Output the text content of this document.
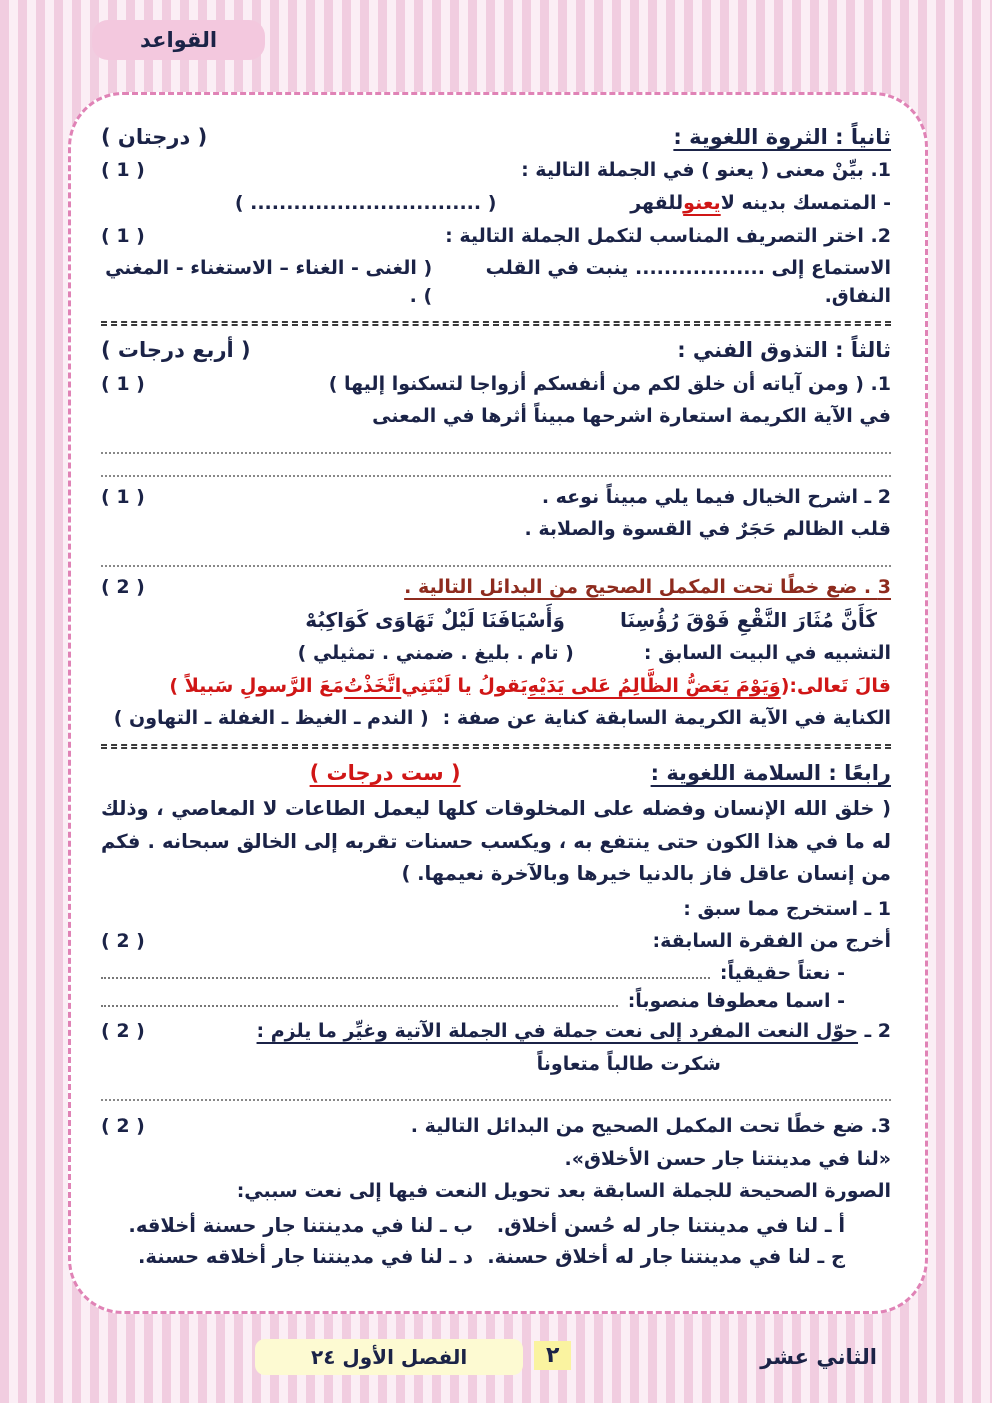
القواعد
ثانياً : الثروة اللغوية :
( درجتان )
1. بيِّنْ معنى ( يعنو ) في الجملة التالية :
( 1 )
- المتمسك بدينه لا
يعنو
للقهر
( ................................ )
2. اختر التصريف المناسب لتكمل الجملة التالية :
( 1 )
الاستماع إلى .................. ينبت في القلب النفاق.
( الغنى - الغناء – الاستغناء - المغني ) .
ثالثاً : التذوق الفني :
( أربع درجات )
1. ( ومن آياته أن خلق لكم من أنفسكم أزواجا لتسكنوا إليها )
( 1 )
في الآية الكريمة استعارة اشرحها مبيناً أثرها في المعنى
2 ـ اشرح الخيال فيما يلي مبيناً نوعه .
( 1 )
قلب الظالم حَجَرٌ في القسوة والصلابة .
3 . ضع خطًا تحت المكمل الصحيح من البدائل التالية .
( 2 )
كَأَنَّ مُثَارَ النَّقْعِ فَوْقَ رُؤُسِنَا
وَأَسْيَافَنَا لَيْلٌ تَهَاوَى كَوَاكِبُهْ
التشبيه في البيت السابق :
( تام . بليغ . ضمني . تمثيلي )
قالَ تَعالى:(
وَيَوْمَ يَعَضُّ الظَّالِمُ عَلى يَدَيْهِ
يَقولُ يا لَيْتَنِي
اتَّخَذْتُ
مَعَ الرَّسولِ سَبيلاً )
الكناية في الآية الكريمة السابقة كناية عن صفة :
( الندم ـ الغيظ ـ الغفلة ـ التهاون )
رابعًا : السلامة اللغوية :
( ست درجات )
( خلق الله الإنسان وفضله على المخلوقات كلها ليعمل الطاعات لا المعاصي ، وذلك له ما في هذا الكون حتى ينتفع به ، ويكسب حسنات تقربه إلى الخالق سبحانه . فكم من إنسان عاقل فاز بالدنيا خيرها وبالآخرة نعيمها. )
1 ـ استخرج مما سبق :
أخرج من الفقرة السابقة:
( 2 )
- نعتاً حقيقياً:
- اسما معطوفا منصوباً:
2 ـ حوّل النعت المفرد إلى نعت جملة في الجملة الآتية وغيِّر ما يلزم :
( 2 )
شكرت طالباً متعاوناً
3. ضع خطًا تحت المكمل الصحيح من البدائل التالية .
( 2 )
«لنا في مدينتنا جار حسن الأخلاق».
الصورة الصحيحة للجملة السابقة بعد تحويل النعت فيها إلى نعت سببي:
أ ـ لنا في مدينتنا جار له حُسن أخلاق.
ب ـ لنا في مدينتنا جار حسنة أخلاقه.
ج ـ لنا في مدينتنا جار له أخلاق حسنة.
د ـ لنا في مدينتنا جار أخلاقه حسنة.
الثاني عشر
٢
الفصل الأول ٢٤
